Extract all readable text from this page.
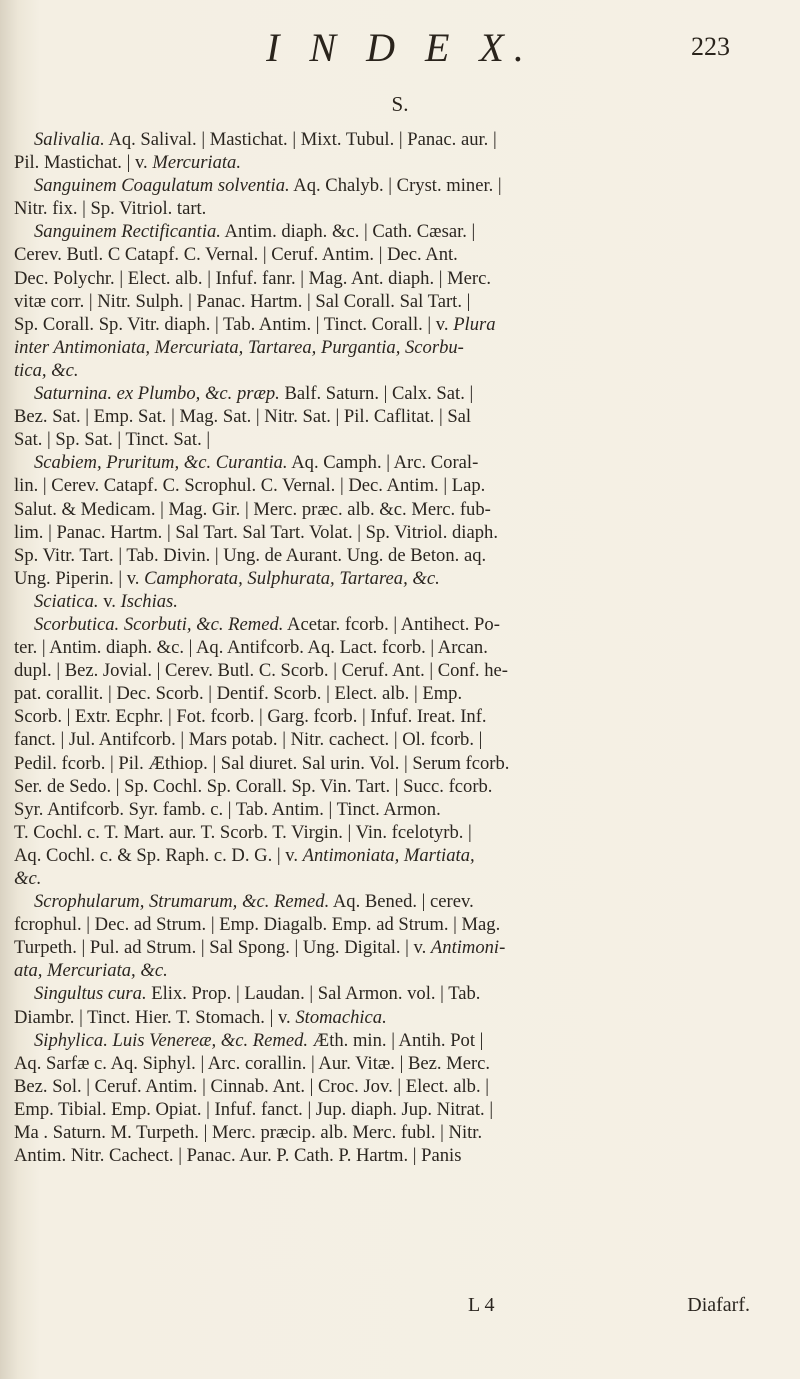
I N D E X.	223
S.
Salivalia. Aq. Salival. | Mastichat. | Mixt. Tubul. | Panac. aur. |
Pil. Mastichat. | v. Mercuriata.
Sanguinem Coagulatum solventia. Aq. Chalyb. | Cryst. miner. |
Nitr. fix. | Sp. Vitriol. tart.
Sanguinem Rectificantia. Antim. diaph. &c. | Cath. Cæsar. |
Cerev. Butl. C Catapf. C. Vernal. | Ceruf. Antim. | Dec. Ant.
Dec. Polychr. | Elect. alb. | Infuf. fanr. | Mag. Ant. diaph. | Merc.
vitæ corr. | Nitr. Sulph. | Panac. Hartm. | Sal Corall. Sal Tart. |
Sp. Corall. Sp. Vitr. diaph. | Tab. Antim. | Tinct. Corall. | v. Plura
inter Antimoniata, Mercuriata, Tartarea, Purgantia, Scorbu-
tica, &c.
Saturnina. ex Plumbo, &c. præp. Balf. Saturn. | Calx. Sat. |
Bez. Sat. | Emp. Sat. | Mag. Sat. | Nitr. Sat. | Pil. Caflitat. | Sal
Sat. | Sp. Sat. | Tinct. Sat. |
Scabiem, Pruritum, &c. Curantia. Aq. Camph. | Arc. Coral-
lin. | Cerev. Catapf. C. Scrophul. C. Vernal. | Dec. Antim. | Lap.
Salut. & Medicam. | Mag. Gir. | Merc. præc. alb. &c. Merc. fub-
lim. | Panac. Hartm. | Sal Tart. Sal Tart. Volat. | Sp. Vitriol. diaph.
Sp. Vitr. Tart. | Tab. Divin. | Ung. de Aurant. Ung. de Beton. aq.
Ung. Piperin. | v. Camphorata, Sulphurata, Tartarea, &c.
Sciatica. v. Ischias.
Scorbutica. Scorbuti, &c. Remed. Acetar. fcorb. | Antihect. Po-
ter. | Antim. diaph. &c. | Aq. Antifcorb. Aq. Lact. fcorb. | Arcan.
dupl. | Bez. Jovial. | Cerev. Butl. C. Scorb. | Ceruf. Ant. | Conf. he-
pat. corallit. | Dec. Scorb. | Dentif. Scorb. | Elect. alb. | Emp.
Scorb. | Extr. Ecphr. | Fot. fcorb. | Garg. fcorb. | Infuf. Ireat. Inf.
fanct. | Jul. Antifcorb. | Mars potab. | Nitr. cachect. | Ol. fcorb. |
Pedil. fcorb. | Pil. Æthiop. | Sal diuret. Sal urin. Vol. | Serum fcorb.
Ser. de Sedo. | Sp. Cochl. Sp. Corall. Sp. Vin. Tart. | Succ. fcorb.
Syr. Antifcorb. Syr. famb. c. | Tab. Antim. | Tinct. Armon.
T. Cochl. c. T. Mart. aur. T. Scorb. T. Virgin. | Vin. fcelotyrb. |
Aq. Cochl. c. & Sp. Raph. c. D. G. | v. Antimoniata, Martiata,
&c.
Scrophularum, Strumarum, &c. Remed. Aq. Bened. | cerev.
fcrophul. | Dec. ad Strum. | Emp. Diagalb. Emp. ad Strum. | Mag.
Turpeth. | Pul. ad Strum. | Sal Spong. | Ung. Digital. | v. Antimoni-
ata, Mercuriata, &c.
Singultus cura. Elix. Prop. | Laudan. | Sal Armon. vol. | Tab.
Diambr. | Tinct. Hier. T. Stomach. | v. Stomachica.
Siphylica. Luis Venereæ, &c. Remed. Æth. min. | Antih. Pot |
Aq. Sarfæ c. Aq. Siphyl. | Arc. corallin. | Aur. Vitæ. | Bez. Merc.
Bez. Sol. | Ceruf. Antim. | Cinnab. Ant. | Croc. Jov. | Elect. alb. |
Emp. Tibial. Emp. Opiat. | Infuf. fanct. | Jup. diaph. Jup. Nitrat. |
Ma . Saturn. M. Turpeth. | Merc. præcip. alb. Merc. fubl. | Nitr.
Antim. Nitr. Cachect. | Panac. Aur. P. Cath. P. Hartm. | Panis
L 4	Diafarf.
